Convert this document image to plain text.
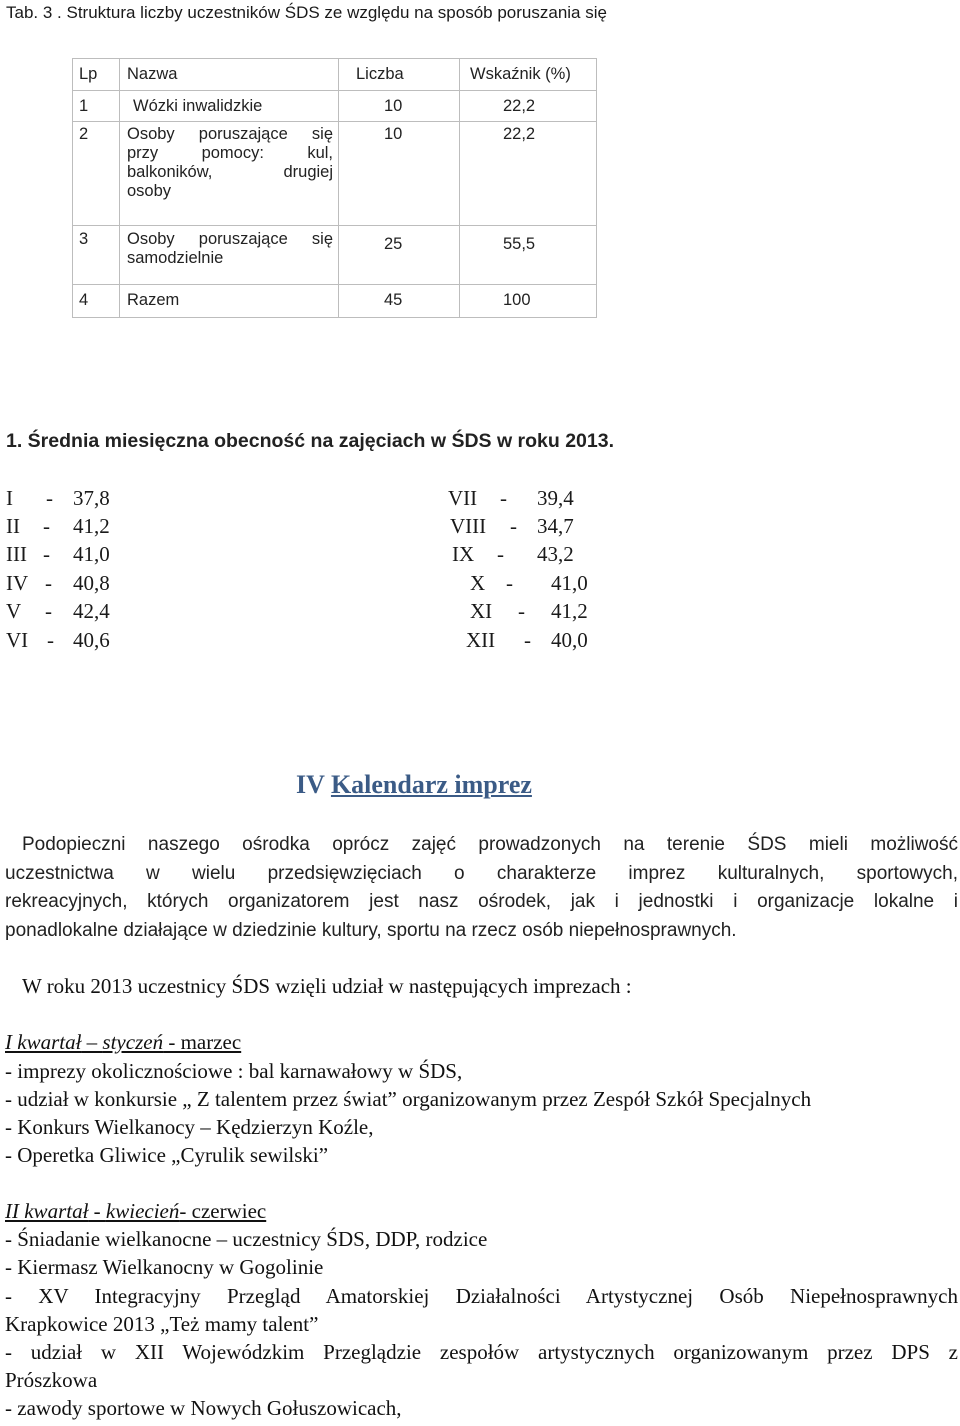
Tab. 3 . Struktura liczby uczestników ŚDS ze względu na sposób poruszania się
Lp	Nazwa	Liczba	Wskaźnik (%)

1	Wózki inwalidzkie	10	22,2

2	Osoby poruszające się
przy pomocy: kul,
balkoników, drugiej
osoby	10	22,2

3	Osoby poruszające się
samodzielnie	25	55,5

4	Razem	45	100
1. Średnia miesięczna obecność na zajęciach w ŚDS w roku 2013.
I - 37,8
II - 41,2
III - 41,0
IV - 40,8
V - 42,4
VI - 40,6
VII - 39,4
VIII - 34,7
IX - 43,2
X - 41,0
XI - 41,2
XII - 40,0
IV Kalendarz imprez
Podopieczni naszego ośrodka oprócz zajęć prowadzonych na terenie ŚDS mieli możliwość
uczestnictwa w wielu przedsięwzięciach o charakterze imprez kulturalnych, sportowych,
rekreacyjnych, których organizatorem jest nasz ośrodek, jak i jednostki i organizacje lokalne i
ponadlokalne działające w dziedzinie kultury, sportu na rzecz osób niepełnosprawnych.
W roku 2013 uczestnicy ŚDS wzięli udział w następujących imprezach :
I kwartał – styczeń - marzec
- imprezy okolicznościowe : bal karnawałowy w ŚDS,
- udział w konkursie „ Z talentem przez świat” organizowanym przez Zespół Szkół Specjalnych
- Konkurs Wielkanocy – Kędzierzyn Koźle,
- Operetka Gliwice „Cyrulik sewilski”
II kwartał - kwiecień- czerwiec
- Śniadanie wielkanocne – uczestnicy ŚDS, DDP, rodzice
- Kiermasz Wielkanocny w Gogolinie
- XV Integracyjny Przegląd Amatorskiej Działalności Artystycznej Osób Niepełnosprawnych
Krapkowice 2013 „Też mamy talent”
- udział w XII Wojewódzkim Przeglądzie zespołów artystycznych organizowanym przez DPS z
Prószkowa
- zawody sportowe w Nowych Gołuszowicach,
